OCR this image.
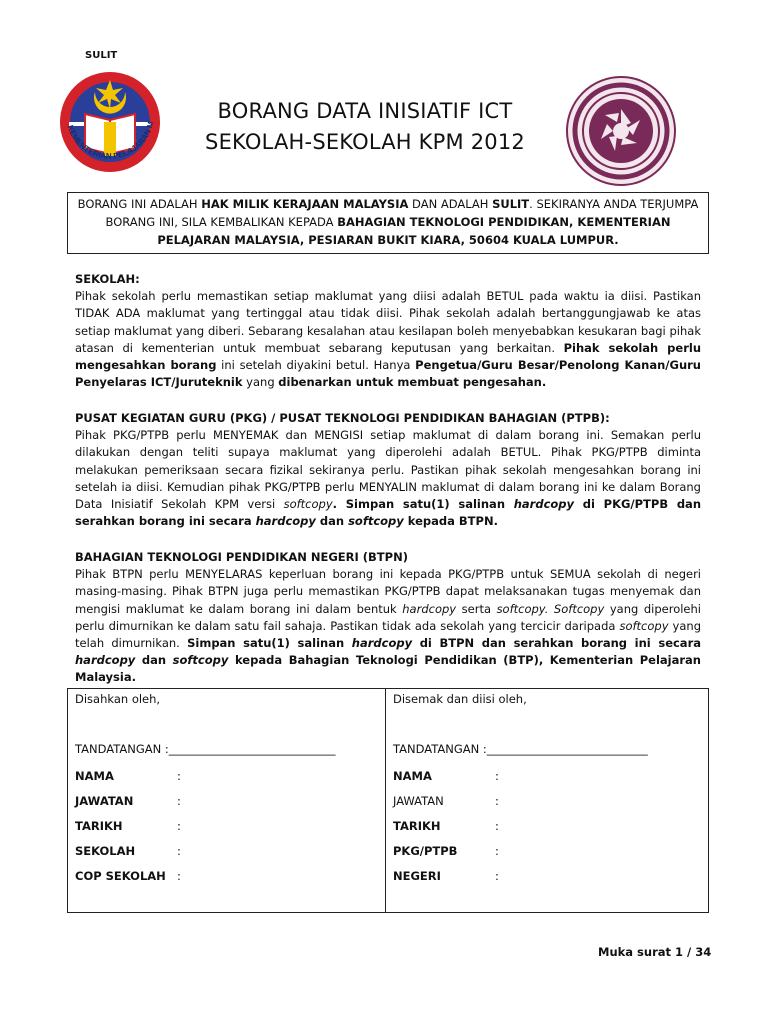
SULIT
KEMENTERIAN PELAJARAN M
BORANG DATA INISIATIF ICT
SEKOLAH-SEKOLAH KPM 2012
BORANG INI ADALAH HAK MILIK KERAJAAN MALAYSIA DAN ADALAH SULIT. SEKIRANYA ANDA TERJUMPA BORANG INI, SILA KEMBALIKAN KEPADA BAHAGIAN TEKNOLOGI PENDIDIKAN, KEMENTERIAN PELAJARAN MALAYSIA, PESIARAN BUKIT KIARA, 50604 KUALA LUMPUR.
SEKOLAH:
Pihak sekolah perlu memastikan setiap maklumat yang diisi adalah BETUL pada waktu ia diisi. Pastikan TIDAK ADA maklumat yang tertinggal atau tidak diisi. Pihak sekolah adalah bertanggungjawab ke atas setiap maklumat yang diberi. Sebarang kesalahan atau kesilapan boleh menyebabkan kesukaran bagi pihak atasan di kementerian untuk membuat sebarang keputusan yang berkaitan. Pihak sekolah perlu mengesahkan borang ini setelah diyakini betul. Hanya Pengetua/Guru Besar/Penolong Kanan/Guru Penyelaras ICT/Juruteknik yang dibenarkan untuk membuat pengesahan.
PUSAT KEGIATAN GURU (PKG) / PUSAT TEKNOLOGI PENDIDIKAN BAHAGIAN (PTPB):
Pihak PKG/PTPB perlu MENYEMAK dan MENGISI setiap maklumat di dalam borang ini. Semakan perlu dilakukan dengan teliti supaya maklumat yang diperolehi adalah BETUL. Pihak PKG/PTPB diminta melakukan pemeriksaan secara fizikal sekiranya perlu. Pastikan pihak sekolah mengesahkan borang ini setelah ia diisi. Kemudian pihak PKG/PTPB perlu MENYALIN maklumat di dalam borang ini ke dalam Borang Data Inisiatif Sekolah KPM versi softcopy. Simpan satu(1) salinan hardcopy di PKG/PTPB dan serahkan borang ini secara hardcopy dan softcopy kepada BTPN.
BAHAGIAN TEKNOLOGI PENDIDIKAN NEGERI (BTPN)
Pihak BTPN perlu MENYELARAS keperluan borang ini kepada PKG/PTPB untuk SEMUA sekolah di negeri masing-masing. Pihak BTPN juga perlu memastikan PKG/PTPB dapat melaksanakan tugas menyemak dan mengisi maklumat ke dalam borang ini dalam bentuk hardcopy serta softcopy. Softcopy yang diperolehi perlu dimurnikan ke dalam satu fail sahaja. Pastikan tidak ada sekolah yang tercicir daripada softcopy yang telah dimurnikan. Simpan satu(1) salinan hardcopy di BTPN dan serahkan borang ini secara hardcopy dan softcopy kepada Bahagian Teknologi Pendidikan (BTP), Kementerian Pelajaran Malaysia.
Disahkan oleh,
TANDATANGAN :_____________________________
NAMA	:
JAWATAN	:
TARIKH	:
SEKOLAH	:
COP SEKOLAH :
Disemak dan diisi oleh,
TANDATANGAN :____________________________
NAMA	:
JAWATAN	:
TARIKH	:
PKG/PTPB	:
NEGERI	:
Muka surat 1 / 34
